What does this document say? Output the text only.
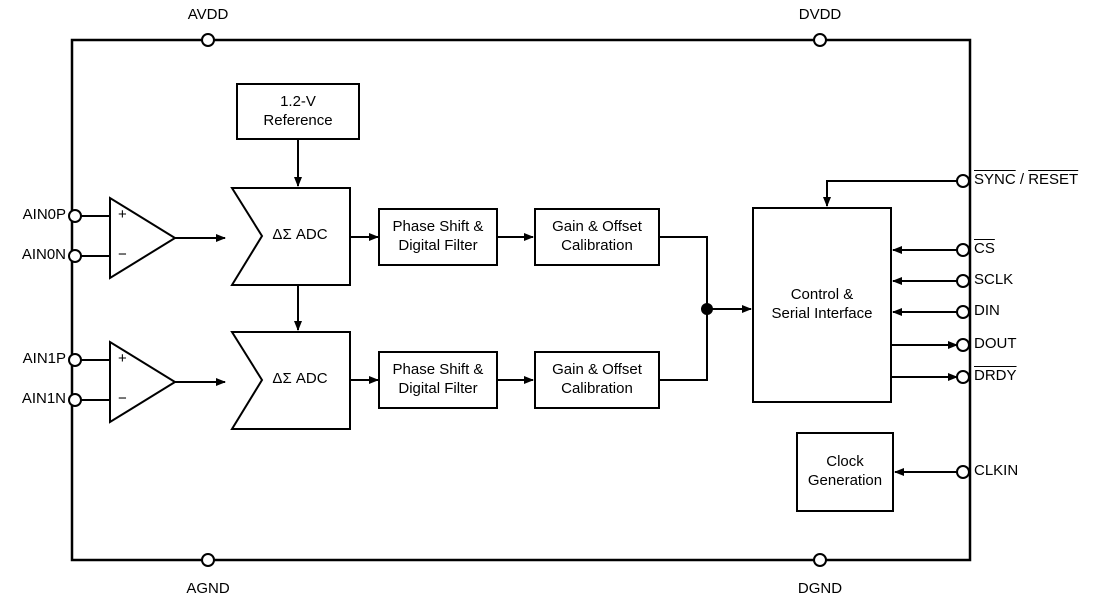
1.2-V
Reference
ΔΣ ADC
ΔΣ ADC
Phase Shift &
Digital Filter
Phase Shift &
Digital Filter
Gain & Offset
Calibration
Gain & Offset
Calibration
Control &
Serial Interface
Clock
Generation
AVDD	DVDD
AGND	DGND
AIN0P
AIN0N
AIN1P
AIN1N
+
−
+
−
SYNC / RESET
$\overline{CS}$
SCLK
DIN
DOUT
DRDY
CLKIN
